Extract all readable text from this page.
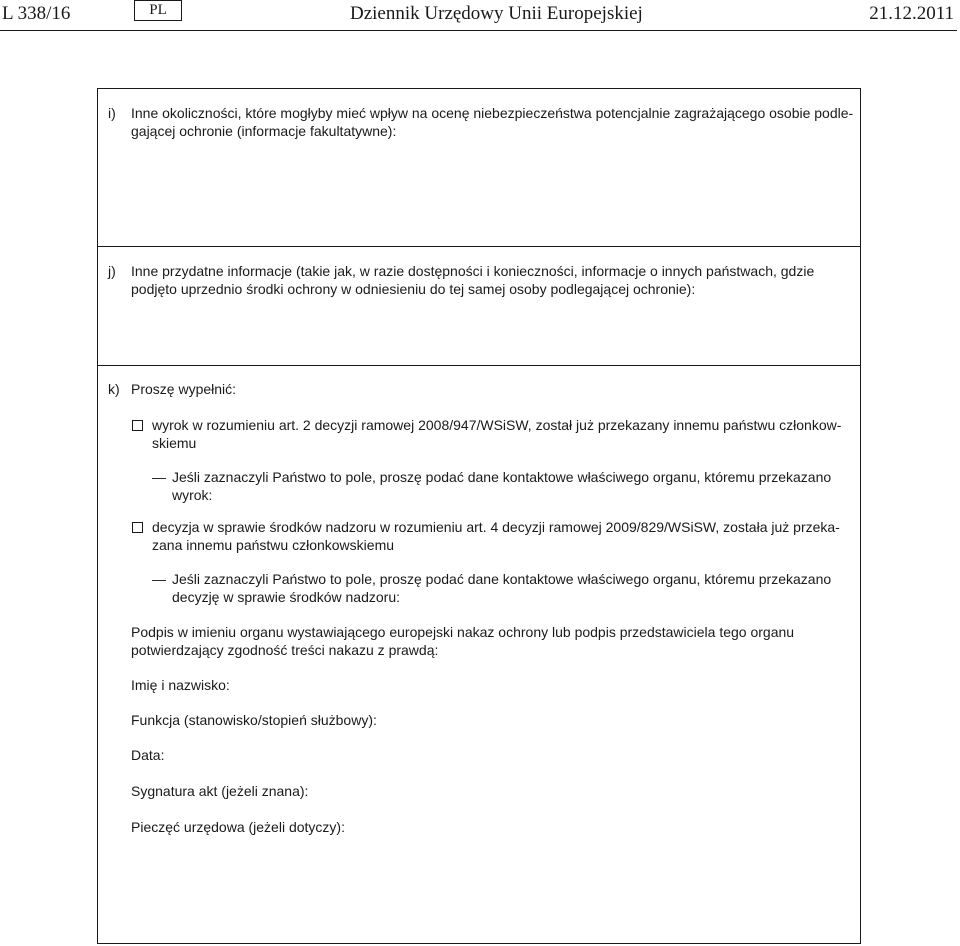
L 338/16	PL	Dziennik Urzędowy Unii Europejskiej	21.12.2011
i) Inne okoliczności, które mogłyby mieć wpływ na ocenę niebezpieczeństwa potencjalnie zagrażającego osobie podle-
gającej ochronie (informacje fakultatywne):
j) Inne przydatne informacje (takie jak, w razie dostępności i konieczności, informacje o innych państwach, gdzie
podjęto uprzednio środki ochrony w odniesieniu do tej samej osoby podlegającej ochronie):
k) Proszę wypełnić:
wyrok w rozumieniu art. 2 decyzji ramowej 2008/947/WSiSW, został już przekazany innemu państwu członkow-
skiemu
— Jeśli zaznaczyli Państwo to pole, proszę podać dane kontaktowe właściwego organu, któremu przekazano
wyrok:
decyzja w sprawie środków nadzoru w rozumieniu art. 4 decyzji ramowej 2009/829/WSiSW, została już przeka-
zana innemu państwu członkowskiemu
— Jeśli zaznaczyli Państwo to pole, proszę podać dane kontaktowe właściwego organu, któremu przekazano
decyzję w sprawie środków nadzoru:
Podpis w imieniu organu wystawiającego europejski nakaz ochrony lub podpis przedstawiciela tego organu
potwierdzający zgodność treści nakazu z prawdą:
Imię i nazwisko:
Funkcja (stanowisko/stopień służbowy):
Data:
Sygnatura akt (jeżeli znana):
Pieczęć urzędowa (jeżeli dotyczy):
